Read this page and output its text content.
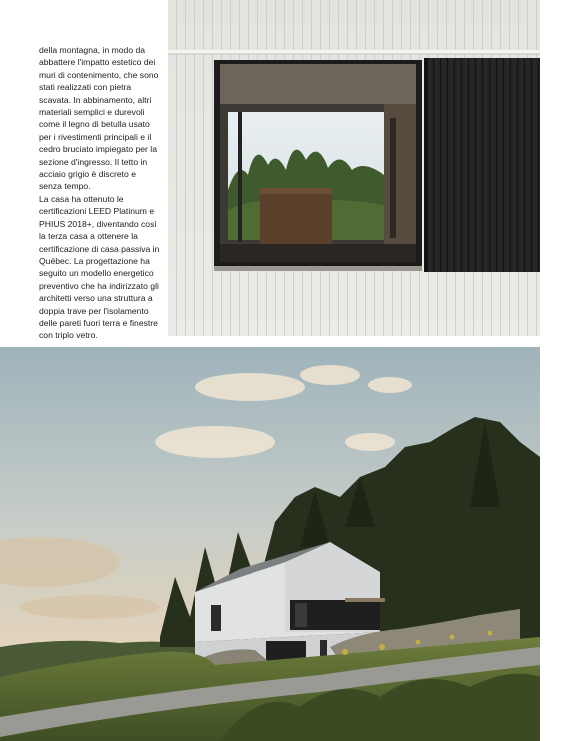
della montagna, in modo da abbattere l'impatto estetico dei muri di contenimento, che sono stati realizzati con pietra scavata. In abbinamento, altri materiali semplici e durevoli come il legno di betulla usato per i rivestimenti principali e il cedro bruciato impiegato per la sezione d'ingresso. Il tetto in acciaio grigio è discreto e senza tempo.

La casa ha ottenuto le certificazioni LEED Platinum e PHIUS 2018+, diventando così la terza casa a ottenere la certificazione di casa passiva in Québec. La progettazione ha seguito un modello energetico preventivo che ha indirizzato gli architetti verso una struttura a doppia trave per l'isolamento delle pareti fuori terra e finestre con triplo vetro.
